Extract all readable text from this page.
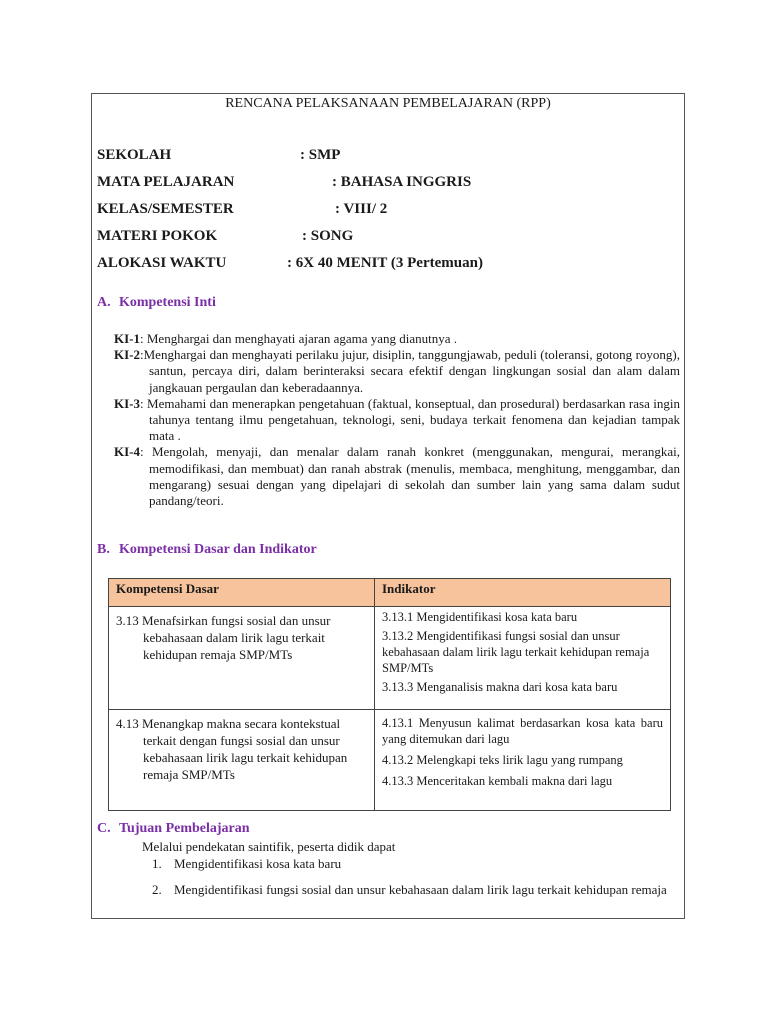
RENCANA PELAKSANAAN PEMBELAJARAN (RPP)
SEKOLAH	: SMP
MATA PELAJARAN	: BAHASA INGGRIS
KELAS/SEMESTER	: VIII/ 2
MATERI POKOK	: SONG
ALOKASI WAKTU	: 6X 40 MENIT (3 Pertemuan)
A. Kompetensi Inti

KI-1: Menghargai dan menghayati ajaran agama yang dianutnya .

KI-2:Menghargai dan menghayati perilaku jujur, disiplin, tanggungjawab, peduli (toleransi, gotong royong), santun, percaya diri, dalam berinteraksi secara efektif dengan lingkungan sosial dan alam dalam jangkauan pergaulan dan keberadaannya.

KI-3: Memahami dan menerapkan pengetahuan (faktual, konseptual, dan prosedural) berdasarkan rasa ingin tahunya tentang ilmu pengetahuan, teknologi, seni, budaya terkait fenomena dan kejadian tampak mata .

KI-4: Mengolah, menyaji, dan menalar dalam ranah konkret (menggunakan, mengurai, merangkai, memodifikasi, dan membuat) dan ranah abstrak (menulis, membaca, menghitung, menggambar, dan mengarang) sesuai dengan yang dipelajari di sekolah dan sumber lain yang sama dalam sudut pandang/teori.

B. Kompetensi Dasar dan Indikator
Kompetensi Dasar	Indikator

3.13 Menafsirkan fungsi sosial dan unsur kebahasaan dalam lirik lagu terkait kehidupan remaja SMP/MTs	3.13.1 Mengidentifikasi kosa kata baru
3.13.2 Mengidentifikasi fungsi sosial dan unsur kebahasaan dalam lirik lagu terkait kehidupan remaja SMP/MTs
3.13.3 Menganalisis makna dari kosa kata baru

4.13 Menangkap makna secara kontekstual terkait dengan fungsi sosial dan unsur kebahasaan lirik lagu terkait kehidupan remaja SMP/MTs	4.13.1 Menyusun kalimat berdasarkan kosa kata baru yang ditemukan dari lagu
4.13.2 Melengkapi teks lirik lagu yang rumpang
4.13.3 Menceritakan kembali makna dari lagu
C. Tujuan Pembelajaran
Melalui pendekatan saintifik, peserta didik dapat
1. Mengidentifikasi kosa kata baru
2. Mengidentifikasi fungsi sosial dan unsur kebahasaan dalam lirik lagu terkait kehidupan remaja
